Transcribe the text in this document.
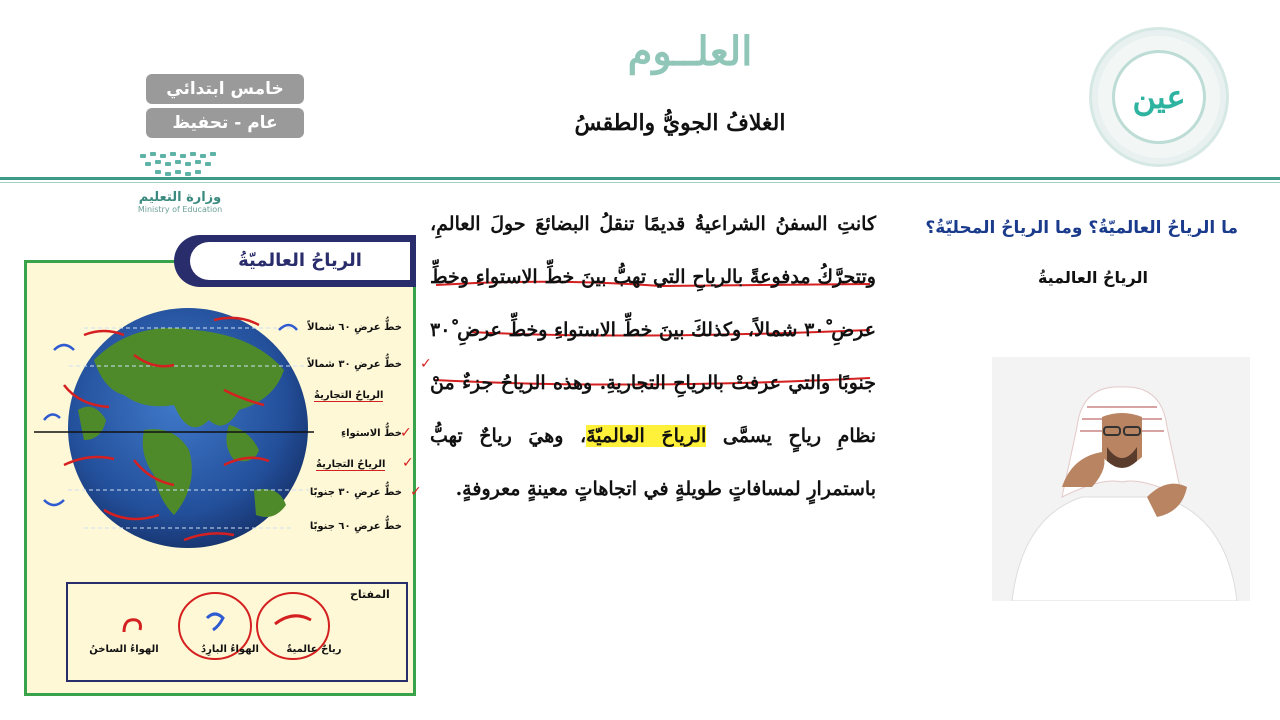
العلــوم
الغلافُ الجويُّ والطقسُ
خامس ابتدائي
عام - تحفيظ
وزارة التعليم
Ministry of Education
عين
الرياحُ العالميّةُ
خطُّ عرضِ ٦٠ شمالاً
خطُّ عرضِ ٣٠ شمالاً
الرياحُ التجاريةُ
خطُّ الاستواءِ
الرياحُ التجاريةُ
خطُّ عرضِ ٣٠ جنوبًا
خطُّ عرضِ ٦٠ جنوبًا
✓
✓
✓
✓
المفتاح
رياحٌ عالميةٌ
الهواءُ البارِدُ
الهواءُ الساخنُ
كانتِ السفنُ الشراعيةُ قديمًا تنقلُ البضائعَ حولَ العالمِ، وتتحرَّكُ مدفوعةً بالرياحِ التي تهبُّ بينَ خطِّ الاستواءِ وخطِّ عرضِ ٣٠ْ شمالاً، وكذلكَ بينَ خطِّ الاستواءِ وخطِّ عرضِ ٣٠ْ جنوبًا والتي عرفتْ بالرياحِ التجاريةِ. وهذه الرياحُ جزءٌ منْ نظامِ رياحٍ يسمَّى الرياحَ العالميّةَ، وهيَ رياحٌ تهبُّ باستمرارٍ لمسافاتٍ طويلةٍ في اتجاهاتٍ معينةٍ معروفةٍ.
ما الرياحُ العالميّةُ؟ وما الرياحُ المحليّةُ؟
الرياحُ العالميةُ
